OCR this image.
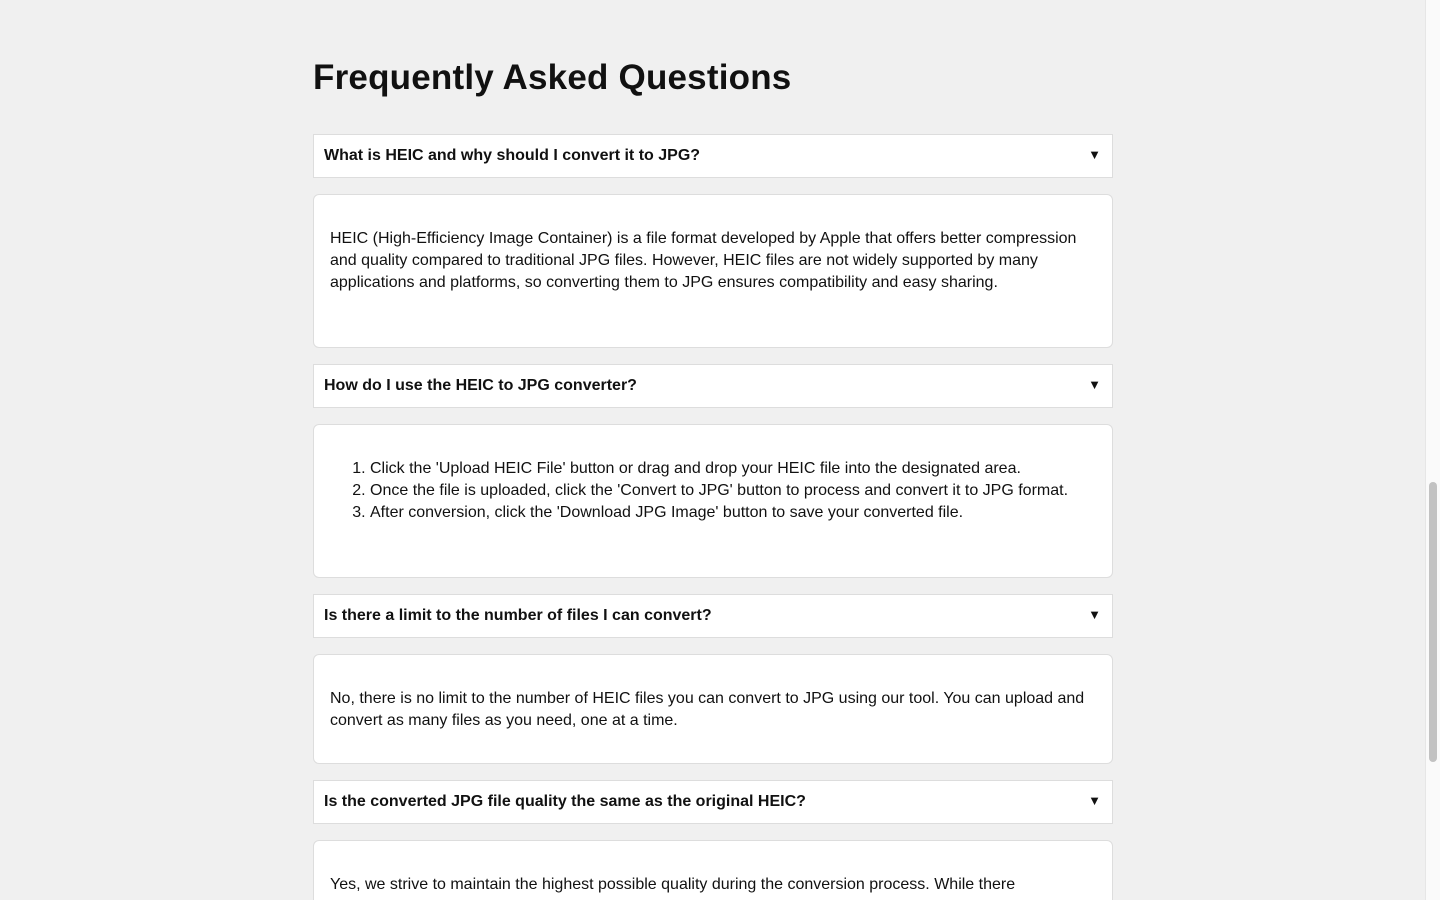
Frequently Asked Questions
What is HEIC and why should I convert it to JPG?	▼

HEIC (High-Efficiency Image Container) is a file format developed by Apple that offers better compression and quality compared to traditional JPG files. However, HEIC files are not widely supported by many applications and platforms, so converting them to JPG ensures compatibility and easy sharing.

How do I use the HEIC to JPG converter?	▼
1. Click the 'Upload HEIC File' button or drag and drop your HEIC file into the designated area.
2. Once the file is uploaded, click the 'Convert to JPG' button to process and convert it to JPG format.
3. After conversion, click the 'Download JPG Image' button to save your converted file.
Is there a limit to the number of files I can convert?	▼

No, there is no limit to the number of HEIC files you can convert to JPG using our tool. You can upload and convert as many files as you need, one at a time.

Is the converted JPG file quality the same as the original HEIC?	▼

Yes, we strive to maintain the highest possible quality during the conversion process. While there
